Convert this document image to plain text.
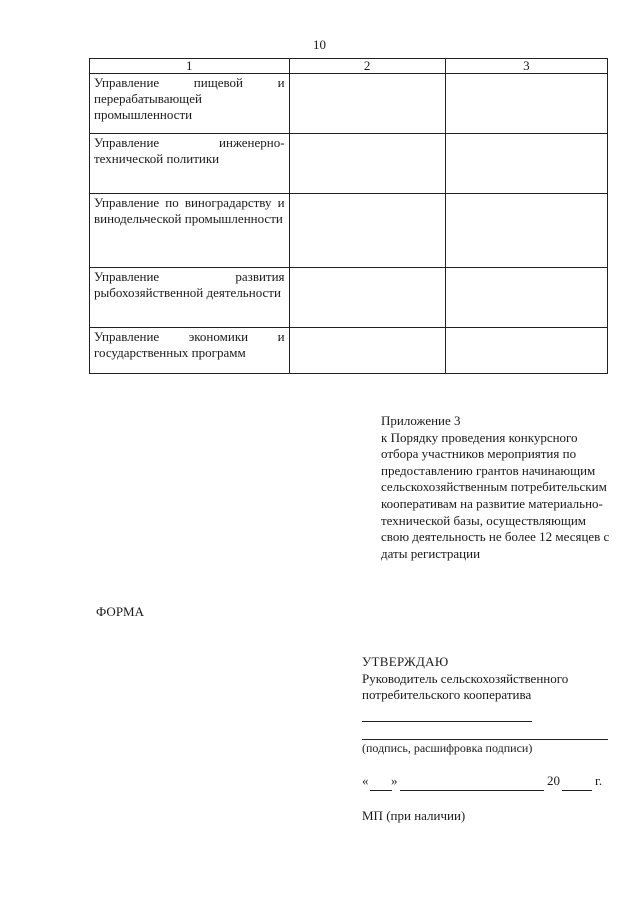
10
1	2	3
Управление пищевой и перерабатывающей промышленности		
Управление инженерно-технической политики		
Управление по виноградарству и винодельческой промышленности		
Управление развития рыбохозяйственной деятельности		
Управление экономики и государственных программ		
Приложение 3
к Порядку проведения конкурсного отбора участников мероприятия по предоставлению грантов начинающим сельскохозяйственным потребительским кооперативам на развитие материально-технической базы, осуществляющим свою деятельность не более 12 месяцев с даты регистрации
ФОРМА
УТВЕРЖДАЮ
Руководитель сельскохозяйственного потребительского кооператива
(подпись, расшифровка подписи)
« »	20	г.
МП (при наличии)
